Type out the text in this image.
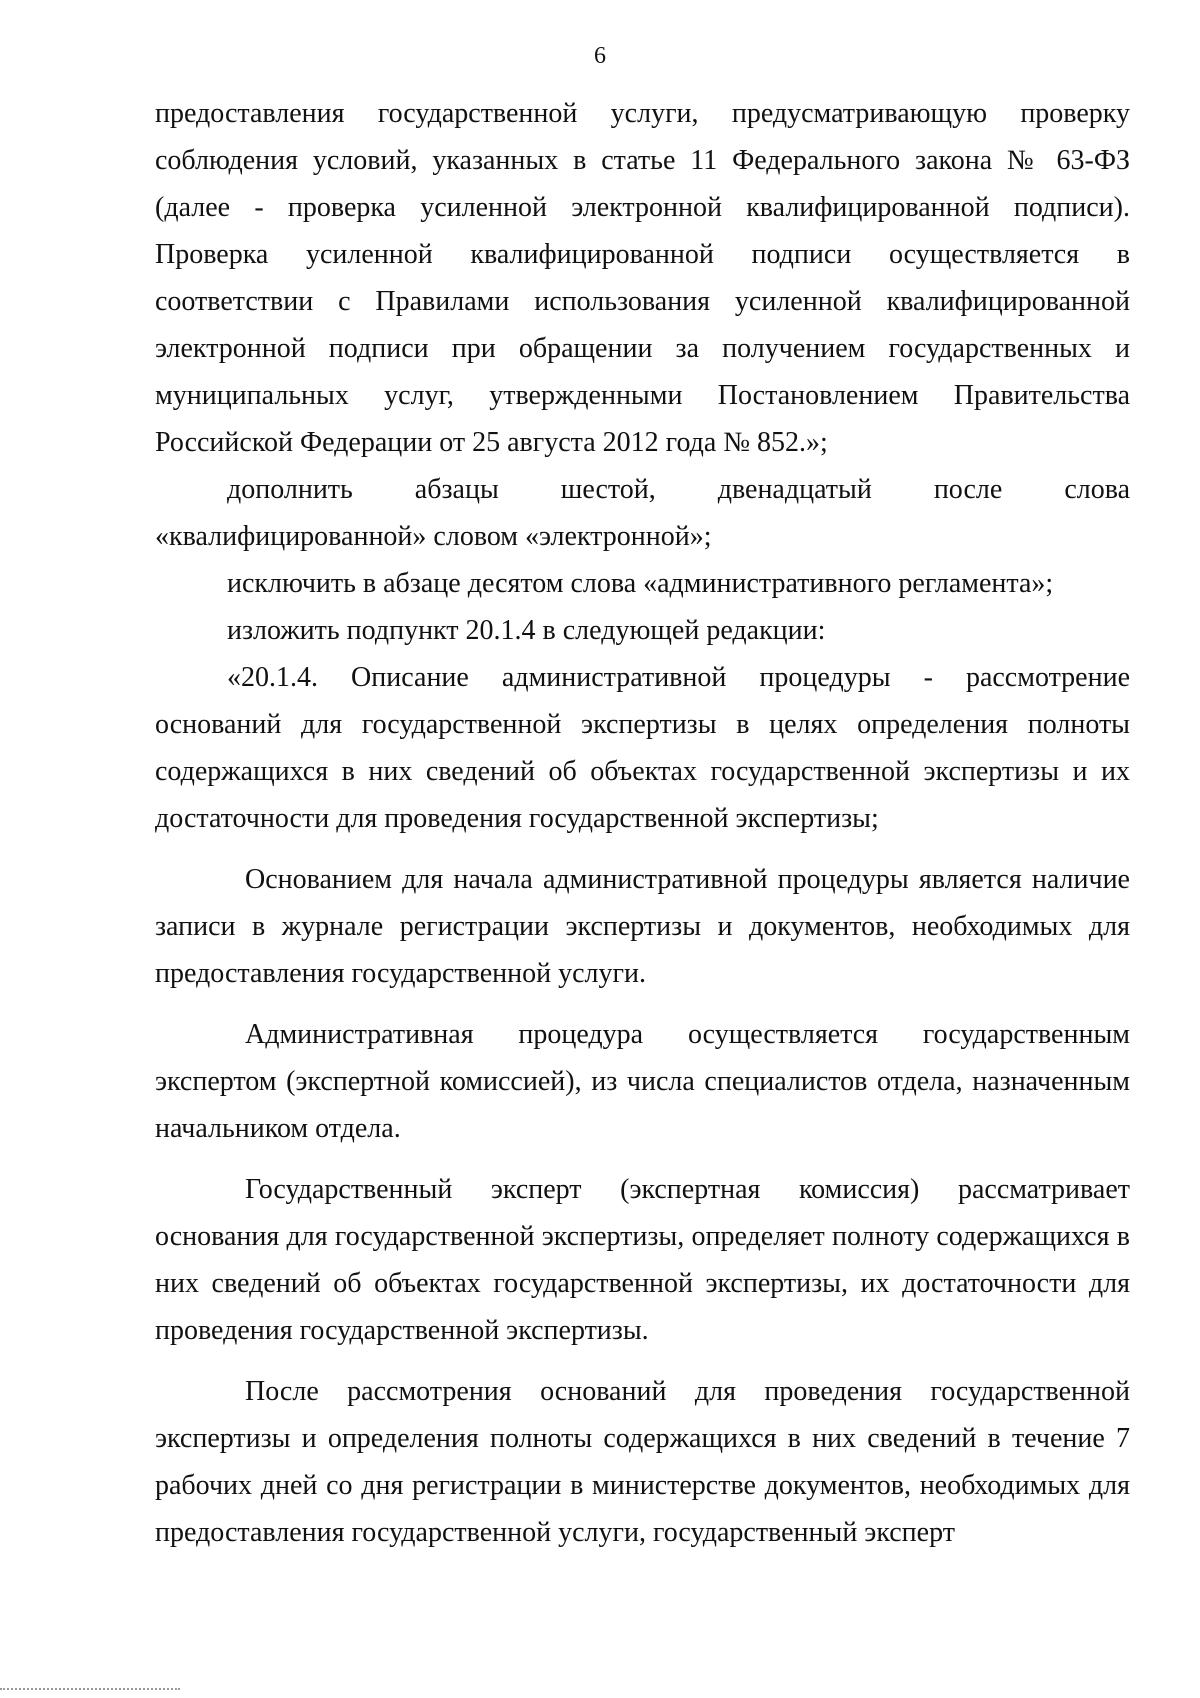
6

предоставления государственной услуги, предусматривающую проверку соблюдения условий, указанных в статье 11 Федерального закона № 63-ФЗ (далее - проверка усиленной электронной квалифицированной подписи). Проверка усиленной квалифицированной подписи осуществляется в соответствии с Правилами использования усиленной квалифицированной электронной подписи при обращении за получением государственных и муниципальных услуг, утвержденными Постановлением Правительства Российской Федерации от 25 августа 2012 года № 852.»;

дополнить абзацы шестой, двенадцатый после слова «квалифицированной» словом «электронной»;

исключить в абзаце десятом слова «административного регламента»;

изложить подпункт 20.1.4 в следующей редакции:

«20.1.4. Описание административной процедуры - рассмотрение оснований для государственной экспертизы в целях определения полноты содержащихся в них сведений об объектах государственной экспертизы и их достаточности для проведения государственной экспертизы;

Основанием для начала административной процедуры является наличие записи в журнале регистрации экспертизы и документов, необходимых для предоставления государственной услуги.

Административная процедура осуществляется государственным экспертом (экспертной комиссией), из числа специалистов отдела, назначенным начальником отдела.

Государственный эксперт (экспертная комиссия) рассматривает основания для государственной экспертизы, определяет полноту содержащихся в них сведений об объектах государственной экспертизы, их достаточности для проведения государственной экспертизы.

После рассмотрения оснований для проведения государственной экспертизы и определения полноты содержащихся в них сведений в течение 7 рабочих дней со дня регистрации в министерстве документов, необходимых для предоставления государственной услуги, государственный эксперт
